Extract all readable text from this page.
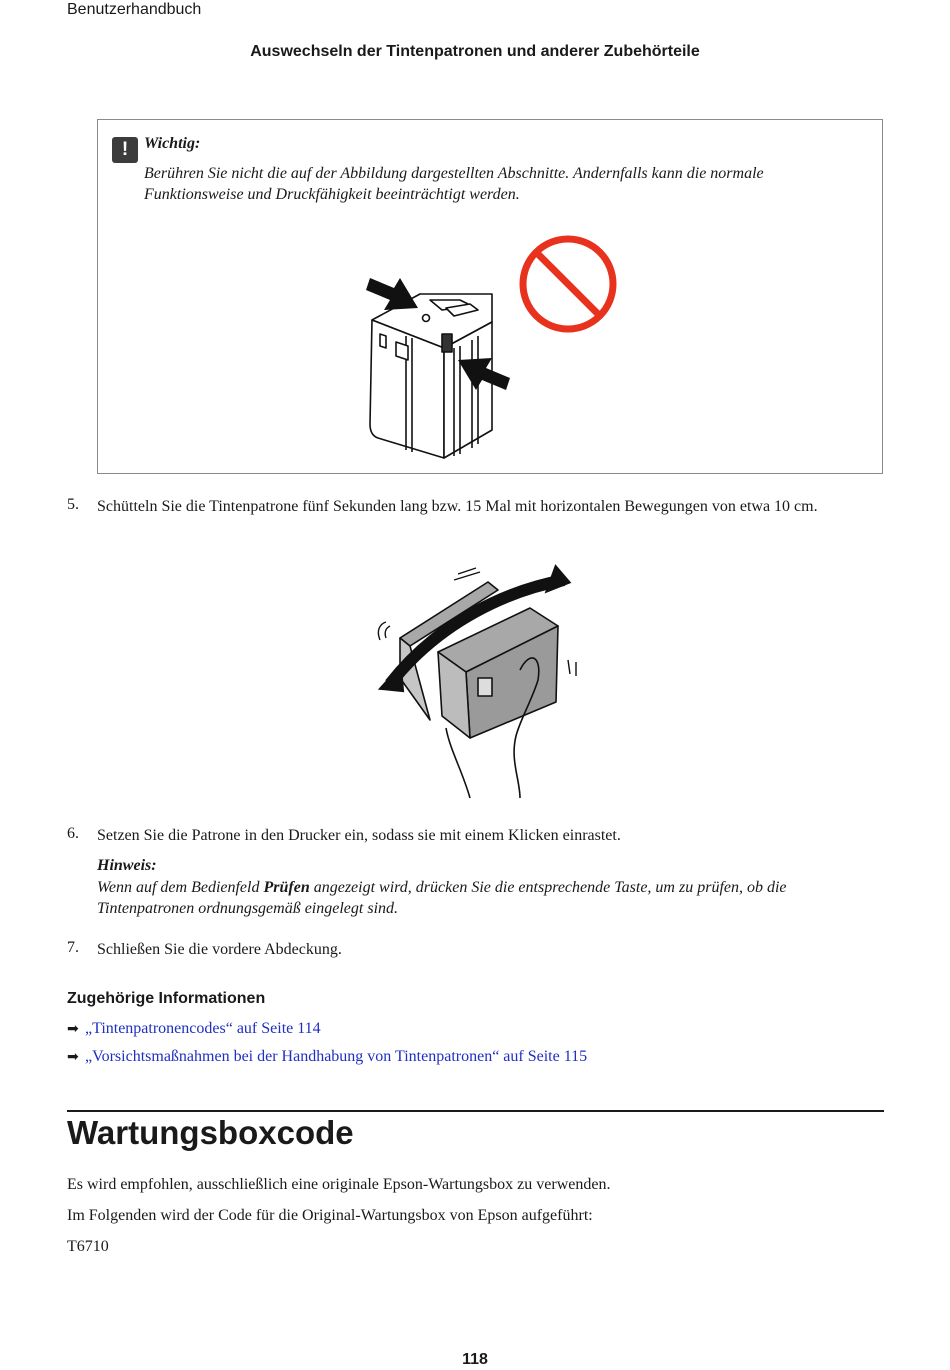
Benutzerhandbuch
Auswechseln der Tintenpatronen und anderer Zubehörteile
! Wichtig:
Berühren Sie nicht die auf der Abbildung dargestellten Abschnitte. Andernfalls kann die normale Funktionsweise und Druckfähigkeit beeinträchtigt werden.
5. Schütteln Sie die Tintenpatrone fünf Sekunden lang bzw. 15 Mal mit horizontalen Bewegungen von etwa 10 cm.
6. Setzen Sie die Patrone in den Drucker ein, sodass sie mit einem Klicken einrastet.
Hinweis:
Wenn auf dem Bedienfeld Prüfen angezeigt wird, drücken Sie die entsprechende Taste, um zu prüfen, ob die Tintenpatronen ordnungsgemäß eingelegt sind.
7. Schließen Sie die vordere Abdeckung.
Zugehörige Informationen
➡ „Tintenpatronencodes“ auf Seite 114
➡ „Vorsichtsmaßnahmen bei der Handhabung von Tintenpatronen“ auf Seite 115
Wartungsboxcode
Es wird empfohlen, ausschließlich eine originale Epson-Wartungsbox zu verwenden.
Im Folgenden wird der Code für die Original-Wartungsbox von Epson aufgeführt:
T6710
118
